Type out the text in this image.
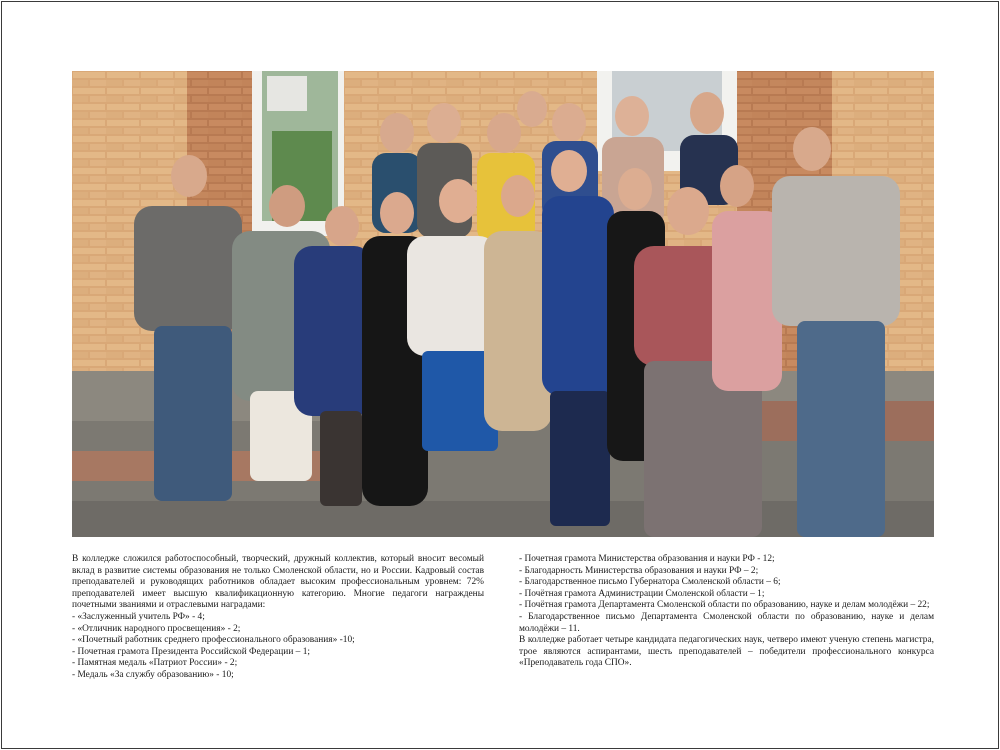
В колледже сложился работоспособный, творческий, дружный коллектив, который вносит весомый вклад в развитие системы образования не только Смоленской области, но и России. Кадровый состав преподавателей и руководящих работников обладает высоким профессиональным уровнем: 72% преподавателей имеет высшую квалификационную категорию. Многие педагоги награждены почетными званиями и отраслевыми наградами:

- «Заслуженный учитель РФ» - 4;
- «Отличник народного просвещения» - 2;
- «Почетный работник среднего профессионального образования» -10;
- Почетная грамота Президента Российской Федерации – 1;
- Памятная медаль «Патриот России» - 2;
- Медаль «За службу образованию» - 10;
- Почетная грамота Министерства образования и науки РФ - 12;
- Благодарность Министерства образования и науки РФ – 2;
- Благодарственное письмо Губернатора Смоленской области – 6;
- Почётная грамота Администрации Смоленской области – 1;
- Почётная грамота Департамента Смоленской области по образованию, науке и делам молодёжи – 22;
- Благодарственное письмо Департамента Смоленской области по образованию, науке и делам молодёжи – 11.

В колледже работает четыре кандидата педагогических наук, четверо имеют ученую степень магистра, трое являются аспирантами, шесть преподавателей – победители профессионального конкурса «Преподаватель года СПО».
